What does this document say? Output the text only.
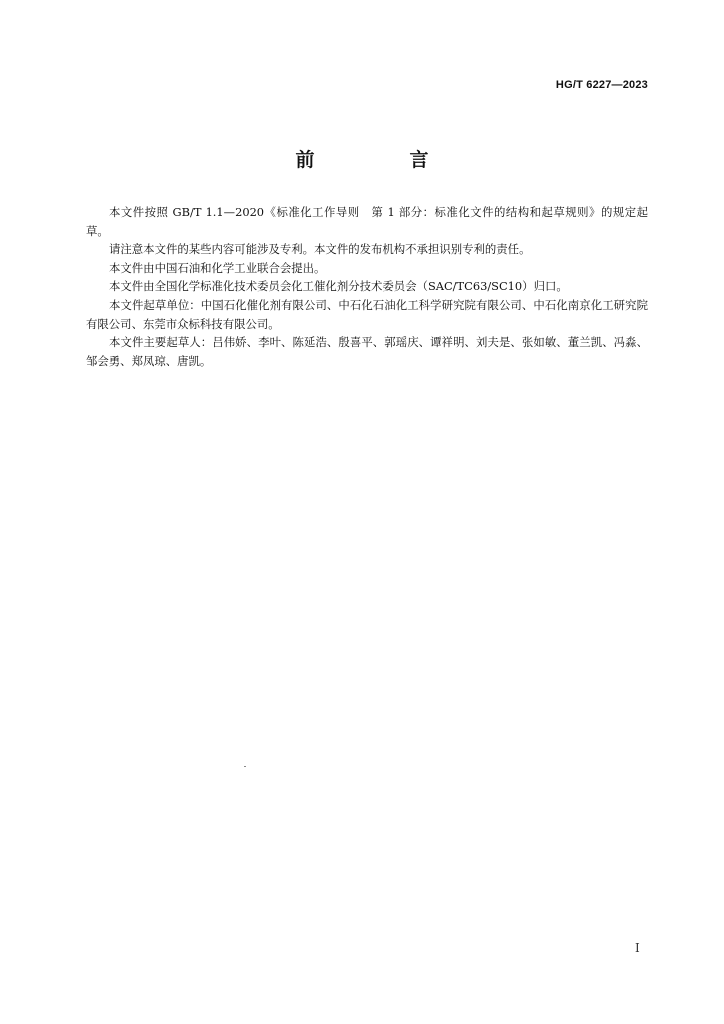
HG/T 6227—2023
前　言

本文件按照 GB/T 1.1—2020《标准化工作导则　第 1 部分：标准化文件的结构和起草规则》的规定起草。

请注意本文件的某些内容可能涉及专利。本文件的发布机构不承担识别专利的责任。

本文件由中国石油和化学工业联合会提出。

本文件由全国化学标准化技术委员会化工催化剂分技术委员会（SAC/TC63/SC10）归口。

本文件起草单位：中国石化催化剂有限公司、中石化石油化工科学研究院有限公司、中石化南京化工研究院有限公司、东莞市众标科技有限公司。

本文件主要起草人：吕伟娇、李叶、陈延浩、殷喜平、郭瑶庆、谭祥明、刘夫是、张如敏、董兰凯、冯淼、邹会勇、郑凤琼、唐凯。

I
